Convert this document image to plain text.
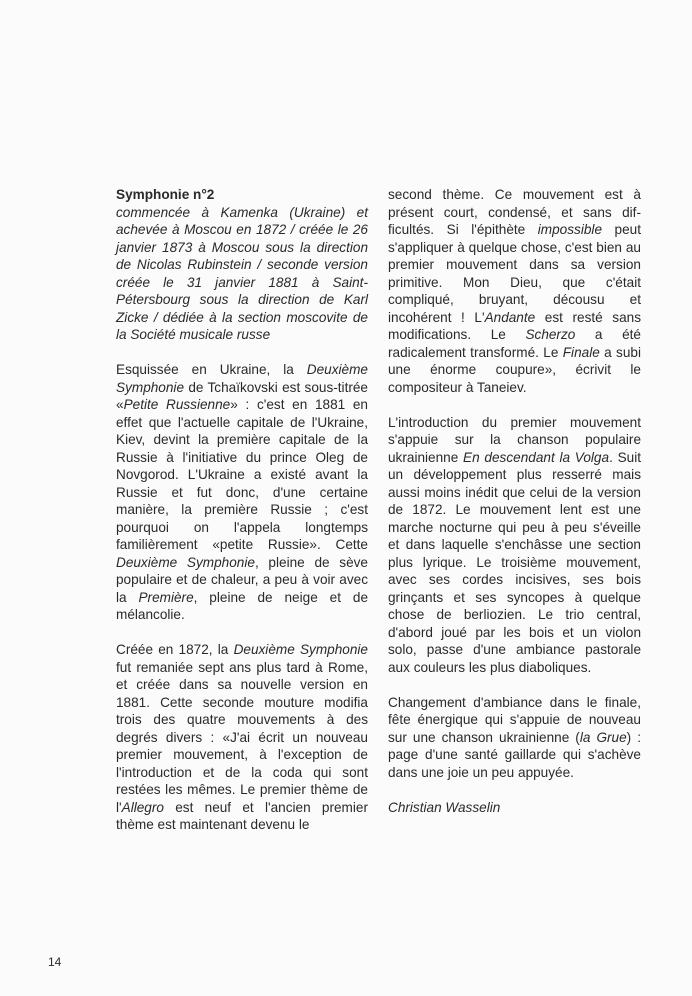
Symphonie n°2
commencée à Kamenka (Ukraine) et achevée à Moscou en 1872 / créée le 26 janvier 1873 à Moscou sous la direction de Nicolas Rubinstein / seconde version créée le 31 janvier 1881 à Saint-Pétersbourg sous la direction de Karl Zicke / dédiée à la section moscovite de la Société musicale russe

Esquissée en Ukraine, la Deuxième Symphonie de Tchaïkovski est sous-titrée «Petite Russienne» : c'est en 1881 en effet que l'actuelle capitale de l'Ukraine, Kiev, devint la première capitale de la Russie à l'initiative du prince Oleg de Novgorod. L'Ukraine a existé avant la Russie et fut donc, d'une certaine manière, la première Russie ; c'est pourquoi on l'appela longtemps familièrement «petite Russie». Cette Deuxième Symphonie, pleine de sève populaire et de chaleur, a peu à voir avec la Première, pleine de neige et de mélancolie.

Créée en 1872, la Deuxième Symphonie fut remaniée sept ans plus tard à Rome, et créée dans sa nouvelle version en 1881. Cette seconde mouture modifia trois des quatre mouvements à des degrés divers : «J'ai écrit un nouveau premier mouvement, à l'exception de l'introduction et de la coda qui sont restées les mêmes. Le premier thème de l'Allegro est neuf et l'ancien premier thème est maintenant devenu le

second thème. Ce mouvement est à présent court, condensé, et sans difficultés. Si l'épithète impossible peut s'appliquer à quelque chose, c'est bien au premier mouvement dans sa version primitive. Mon Dieu, que c'était compliqué, bruyant, décousu et incohérent ! L'Andante est resté sans modifications. Le Scherzo a été radicalement transformé. Le Finale a subi une énorme coupure», écrivit le compositeur à Taneiev.

L'introduction du premier mouvement s'appuie sur la chanson populaire ukrainienne En descendant la Volga. Suit un développement plus resserré mais aussi moins inédit que celui de la version de 1872. Le mouvement lent est une marche nocturne qui peu à peu s'éveille et dans laquelle s'enchâsse une section plus lyrique. Le troisième mouvement, avec ses cordes incisives, ses bois grinçants et ses syncopes à quelque chose de berliozien. Le trio central, d'abord joué par les bois et un violon solo, passe d'une ambiance pastorale aux couleurs les plus diaboliques.

Changement d'ambiance dans le finale, fête énergique qui s'appuie de nouveau sur une chanson ukrainienne (la Grue) : page d'une santé gaillarde qui s'achève dans une joie un peu appuyée.

Christian Wasselin

14
